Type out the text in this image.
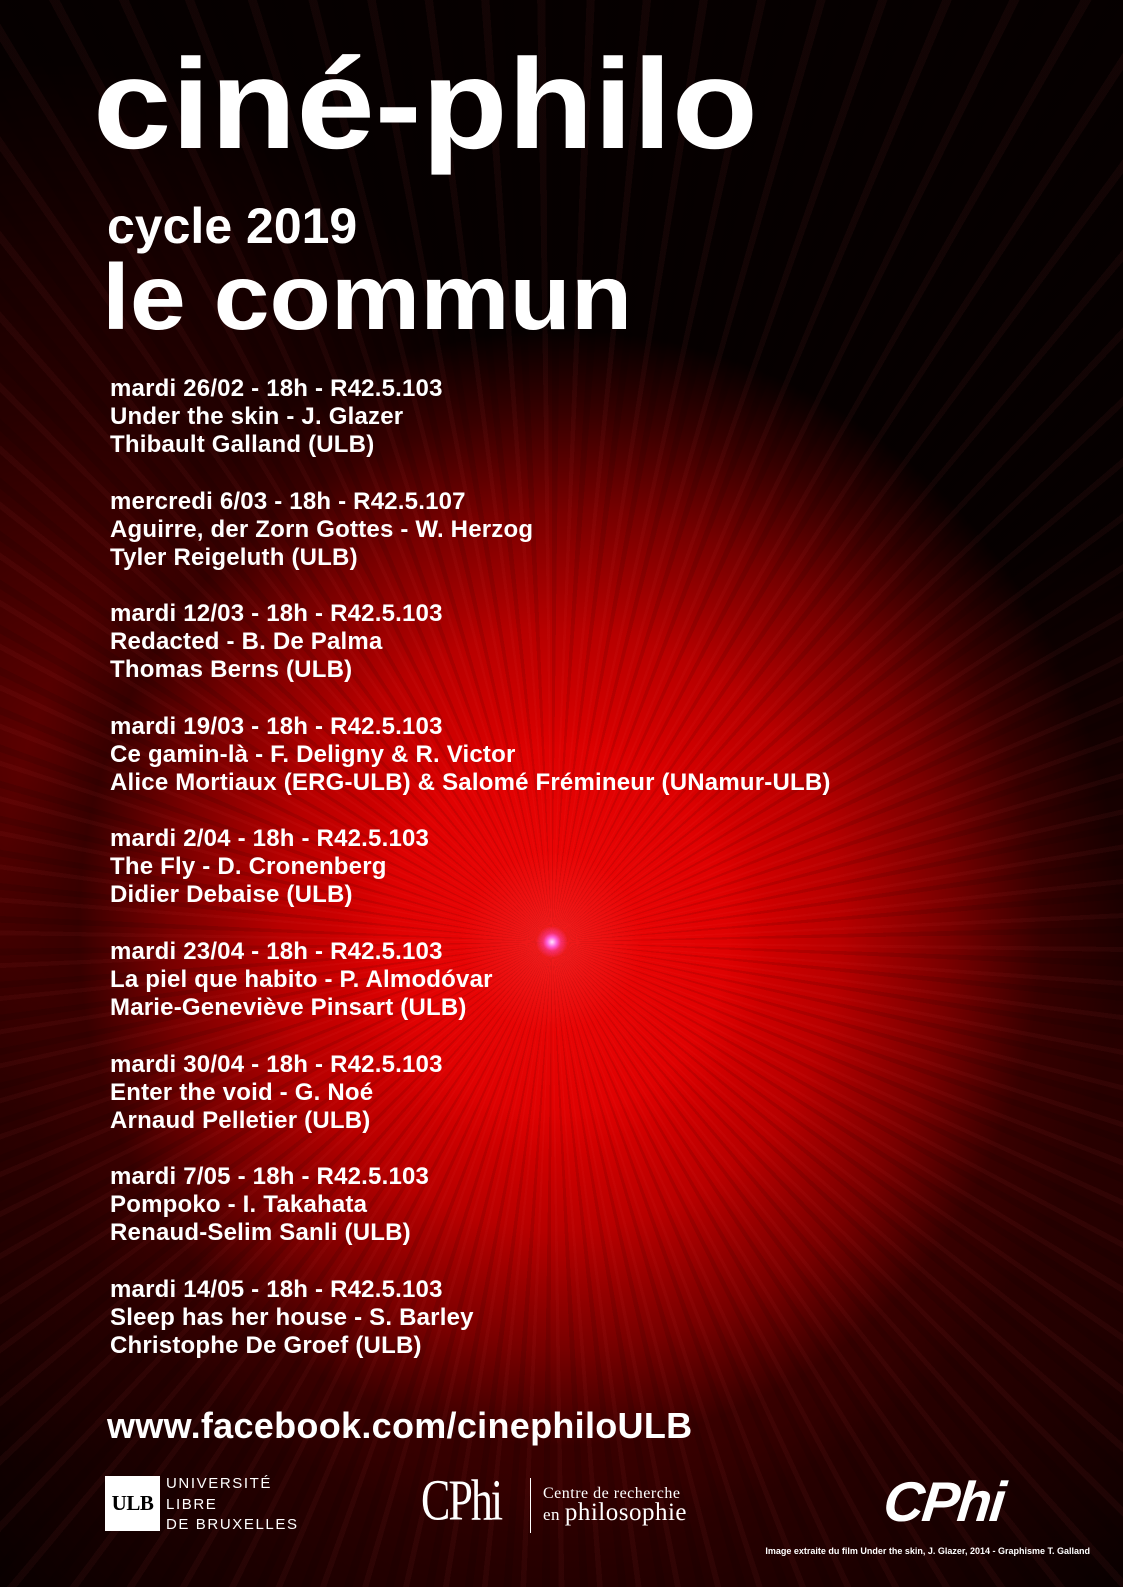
ciné-philo
cycle 2019
le commun
mardi 26/02 - 18h - R42.5.103
Under the skin - J. Glazer
Thibault Galland (ULB)
mercredi 6/03 - 18h - R42.5.107
Aguirre, der Zorn Gottes - W. Herzog
Tyler Reigeluth (ULB)
mardi 12/03 - 18h - R42.5.103
Redacted - B. De Palma
Thomas Berns (ULB)
mardi 19/03 - 18h - R42.5.103
Ce gamin-là - F. Deligny & R. Victor
Alice Mortiaux (ERG-ULB) & Salomé Frémineur (UNamur-ULB)
mardi 2/04 - 18h - R42.5.103
The Fly - D. Cronenberg
Didier Debaise (ULB)
mardi 23/04 - 18h - R42.5.103
La piel que habito - P. Almodóvar
Marie-Geneviève Pinsart (ULB)
mardi 30/04 - 18h - R42.5.103
Enter the void - G. Noé
Arnaud Pelletier (ULB)
mardi 7/05 - 18h - R42.5.103
Pompoko - I. Takahata
Renaud-Selim Sanli (ULB)
mardi 14/05 - 18h - R42.5.103
Sleep has her house - S. Barley
Christophe De Groef (ULB)
www.facebook.com/cinephiloULB
ULB
UNIVERSITÉ
LIBRE
DE BRUXELLES	CPhi	Centre de recherche
en philosophie	CPhi
Image extraite du film Under the skin, J. Glazer, 2014 - Graphisme T. Galland
